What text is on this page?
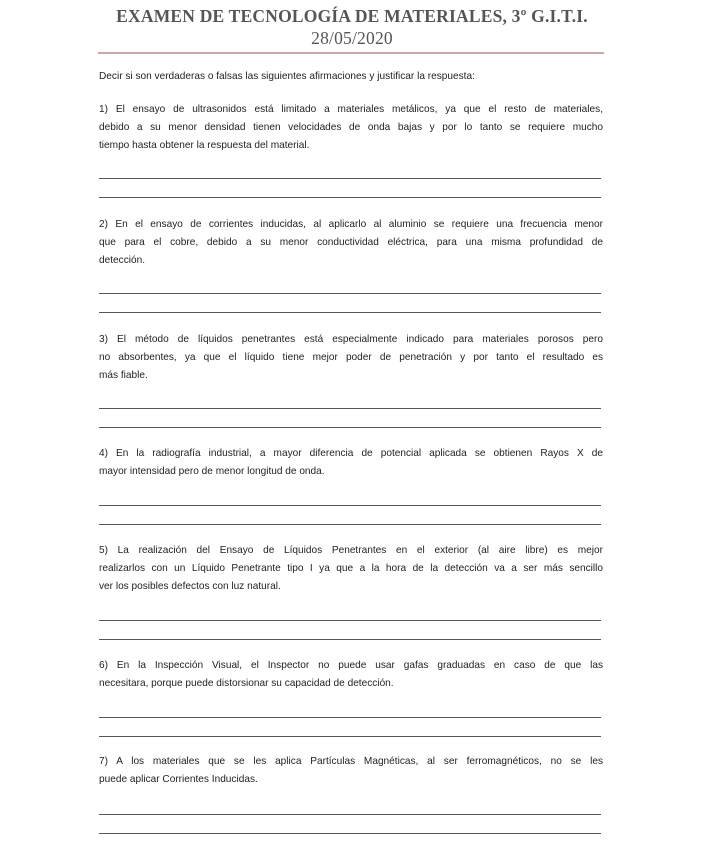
EXAMEN DE TECNOLOGÍA DE MATERIALES, 3º G.I.T.I.
28/05/2020

Decir si son verdaderas o falsas las siguientes afirmaciones y justificar la respuesta:

1) El ensayo de ultrasonidos está limitado a materiales metálicos, ya que el resto de materiales,
debido a su menor densidad tienen velocidades de onda bajas y por lo tanto se requiere mucho
tiempo hasta obtener la respuesta del material.
2) En el ensayo de corrientes inducidas, al aplicarlo al aluminio se requiere una frecuencia menor
que para el cobre, debido a su menor conductividad eléctrica, para una misma profundidad de
detección.
3) El método de líquidos penetrantes está especialmente indicado para materiales porosos pero
no absorbentes, ya que el líquido tiene mejor poder de penetración y por tanto el resultado es
más fiable.
4) En la radiografía industrial, a mayor diferencia de potencial aplicada se obtienen Rayos X de
mayor intensidad pero de menor longitud de onda.
5) La realización del Ensayo de Líquidos Penetrantes en el exterior (al aire libre) es mejor
realizarlos con un Líquido Penetrante tipo I ya que a la hora de la detección va a ser más sencillo
ver los posibles defectos con luz natural.
6) En la Inspección Visual, el Inspector no puede usar gafas graduadas en caso de que las
necesitara, porque puede distorsionar su capacidad de detección.
7) A los materiales que se les aplica Partículas Magnéticas, al ser ferromagnéticos, no se les
puede aplicar Corrientes Inducidas.
